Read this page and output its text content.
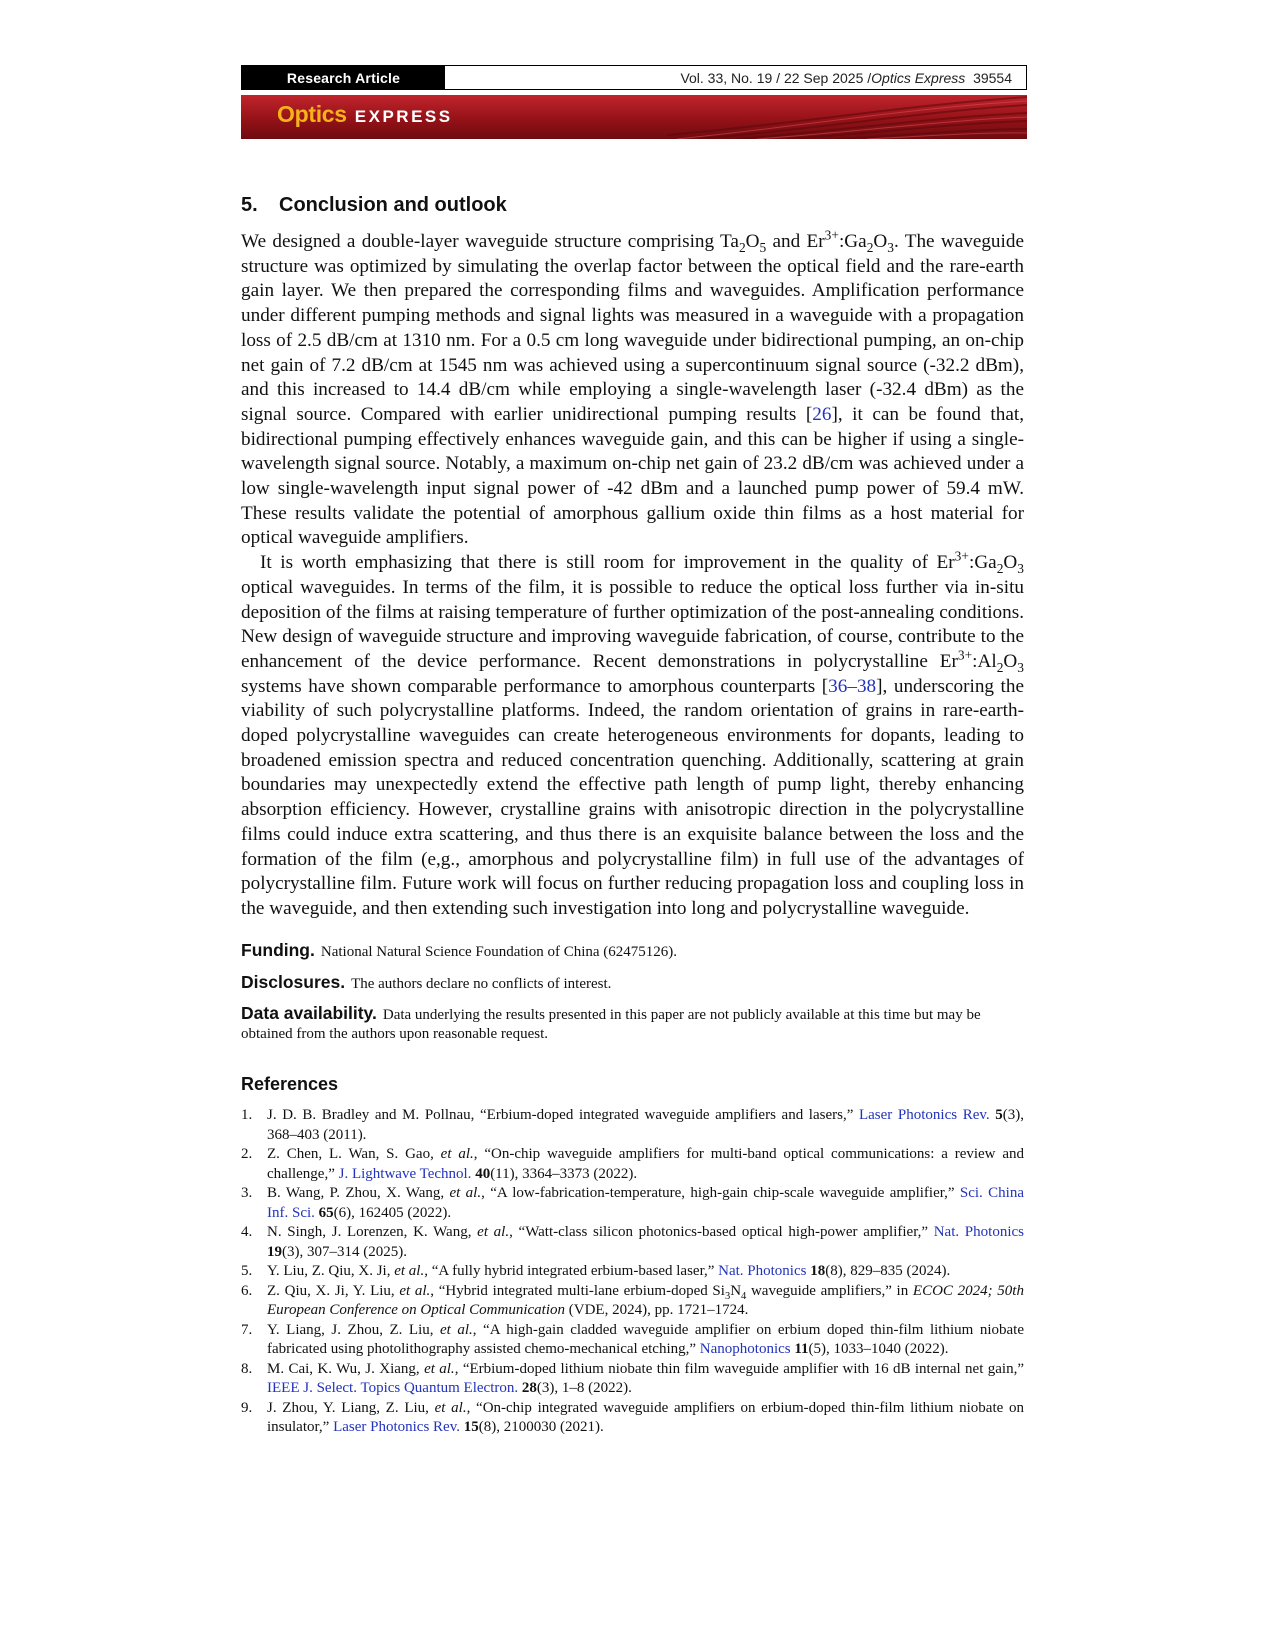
Research Article	Vol. 33, No. 19 / 22 Sep 2025 / Optics Express
39554
Optics EXPRESS
5. Conclusion and outlook

We designed a double-layer waveguide structure comprising $Ta_2O_5$ and $Er^{3+}:Ga_2O_3$. The waveguide structure was optimized by simulating the overlap factor between the optical field and the rare-earth gain layer. We then prepared the corresponding films and waveguides. Amplification performance under different pumping methods and signal lights was measured in a waveguide with a propagation loss of 2.5 dB/cm at 1310 nm. For a 0.5 cm long waveguide under bidirectional pumping, an on-chip net gain of 7.2 dB/cm at 1545 nm was achieved using a supercontinuum signal source (-32.2 dBm), and this increased to 14.4 dB/cm while employing a single-wavelength laser (-32.4 dBm) as the signal source. Compared with earlier unidirectional pumping results [26], it can be found that, bidirectional pumping effectively enhances waveguide gain, and this can be higher if using a single-wavelength signal source. Notably, a maximum on-chip net gain of 23.2 dB/cm was achieved under a low single-wavelength input signal power of -42 dBm and a launched pump power of 59.4 mW. These results validate the potential of amorphous gallium oxide thin films as a host material for optical waveguide amplifiers.

It is worth emphasizing that there is still room for improvement in the quality of $Er^{3+}:Ga_2O_3$ optical waveguides. In terms of the film, it is possible to reduce the optical loss further via in-situ deposition of the films at raising temperature of further optimization of the post-annealing conditions. New design of waveguide structure and improving waveguide fabrication, of course, contribute to the enhancement of the device performance. Recent demonstrations in polycrystalline $Er^{3+}:Al_2O_3$ systems have shown comparable performance to amorphous counterparts [36–38], underscoring the viability of such polycrystalline platforms. Indeed, the random orientation of grains in rare-earth-doped polycrystalline waveguides can create heterogeneous environments for dopants, leading to broadened emission spectra and reduced concentration quenching. Additionally, scattering at grain boundaries may unexpectedly extend the effective path length of pump light, thereby enhancing absorption efficiency. However, crystalline grains with anisotropic direction in the polycrystalline films could induce extra scattering, and thus there is an exquisite balance between the loss and the formation of the film (e,g., amorphous and polycrystalline film) in full use of the advantages of polycrystalline film. Future work will focus on further reducing propagation loss and coupling loss in the waveguide, and then extending such investigation into long and polycrystalline waveguide.

Funding. National Natural Science Foundation of China (62475126).
Disclosures. The authors declare no conflicts of interest.
Data availability. Data underlying the results presented in this paper are not publicly available at this time but may be obtained from the authors upon reasonable request.
References
1. J. D. B. Bradley and M. Pollnau, “Erbium-doped integrated waveguide amplifiers and lasers,” Laser Photonics Rev. 5(3), 368–403 (2011).
2. Z. Chen, L. Wan, S. Gao, et al., “On-chip waveguide amplifiers for multi-band optical communications: a review and challenge,” J. Lightwave Technol. 40(11), 3364–3373 (2022).
3. B. Wang, P. Zhou, X. Wang, et al., “A low-fabrication-temperature, high-gain chip-scale waveguide amplifier,” Sci. China Inf. Sci. 65(6), 162405 (2022).
4. N. Singh, J. Lorenzen, K. Wang, et al., “Watt-class silicon photonics-based optical high-power amplifier,” Nat. Photonics 19(3), 307–314 (2025).
5. Y. Liu, Z. Qiu, X. Ji, et al., “A fully hybrid integrated erbium-based laser,” Nat. Photonics 18(8), 829–835 (2024).
6. Z. Qiu, X. Ji, Y. Liu, et al., “Hybrid integrated multi-lane erbium-doped $Si_3N_4$ waveguide amplifiers,” in ECOC 2024; 50th European Conference on Optical Communication (VDE, 2024), pp. 1721–1724.
7. Y. Liang, J. Zhou, Z. Liu, et al., “A high-gain cladded waveguide amplifier on erbium doped thin-film lithium niobate fabricated using photolithography assisted chemo-mechanical etching,” Nanophotonics 11(5), 1033–1040 (2022).
8. M. Cai, K. Wu, J. Xiang, et al., “Erbium-doped lithium niobate thin film waveguide amplifier with 16 dB internal net gain,” IEEE J. Select. Topics Quantum Electron. 28(3), 1–8 (2022).
9. J. Zhou, Y. Liang, Z. Liu, et al., “On-chip integrated waveguide amplifiers on erbium-doped thin-film lithium niobate on insulator,” Laser Photonics Rev. 15(8), 2100030 (2021).
